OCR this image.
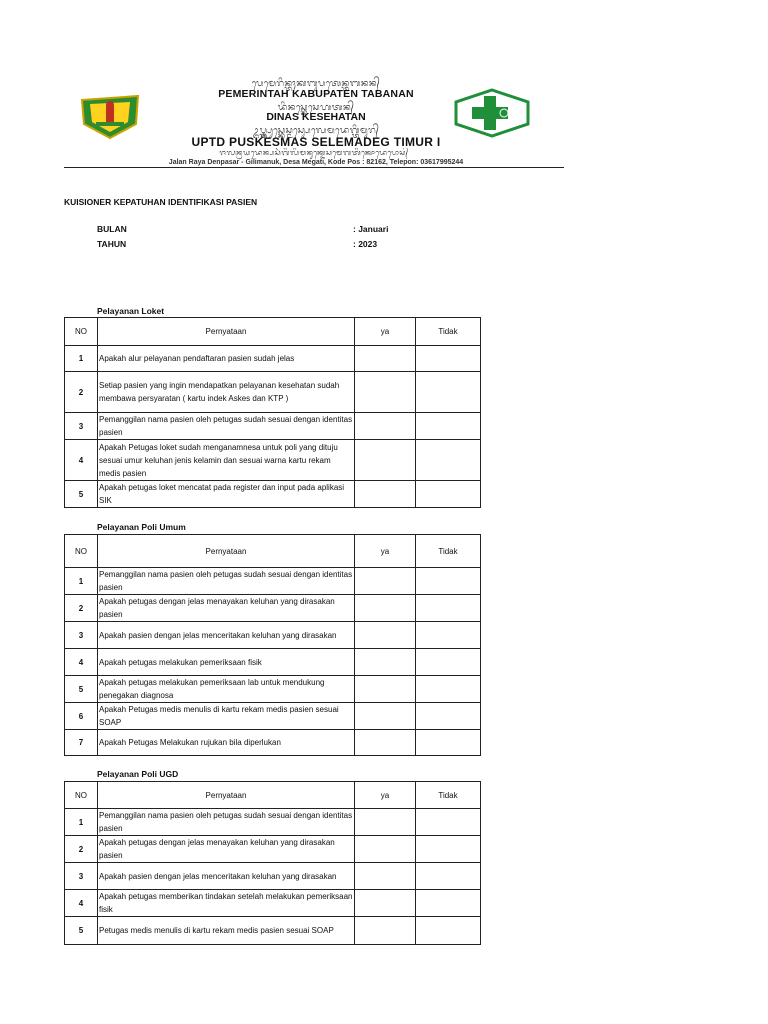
ᬧᬾᬫᬾᬭᬶᬦ᭄ᬢᬄᬓᬩᬸᬧᬢᬾᬦ᭄ᬢᬩᬦᬦ᭄
PEMERINTAH KABUPATEN TABANAN
ᬤᬶᬦᬲ᭄ᬓᬾᬲᬾᬳᬢᬦ᭄
DINAS KESEHATAN
ᬉᬧ᭄ᬢ᭄ᬤ᭄ᬧᬸᬲ᭄ᬓᬾᬲ᭄ᬫᬲ᭄ᬲᬾᬮᬾᬫᬤᬾᬕ᭄ᬢᬶᬫᬸᬭ᭄
UPTD PUSKESMAS SELEMADEG TIMUR I
ᬚᬮᬦ᭄ᬭᬬᬤᬾᬦ᭄ᬧᬲᬃᬕᬶᬮᬶᬫᬦᬸᬓ᭄ᬤᬾᬲᬫᬾᬕᬢᬶᬓᭀᬤᬾᬧᭀᬲ᭄
Jalan Raya Denpasar - Gilimanuk, Desa Megati, Kode Pos : 82162, Telepon: 03617995244
KUISIONER KEPATUHAN IDENTIFIKASI PASIEN
BULAN	: Januari
TAHUN	: 2023
Pelayanan Loket
NO	Pernyataan	ya	Tidak
1	Apakah alur pelayanan pendaftaran pasien sudah jelas		
2	Setiap pasien yang ingin mendapatkan pelayanan kesehatan sudah membawa persyaratan ( kartu indek Askes dan KTP )		
3	Pemanggilan nama pasien oleh petugas sudah sesuai dengan identitas pasien		
4	Apakah Petugas loket sudah menganamnesa untuk poli yang dituju sesuai umur keluhan jenis kelamin dan sesuai warna kartu rekam medis pasien		
5	Apakah petugas loket mencatat pada register dan input pada aplikasi SIK		
Pelayanan Poli Umum
NO	Pernyataan	ya	Tidak
1	Pemanggilan nama pasien oleh petugas sudah sesuai dengan identitas pasien		
2	Apakah petugas dengan jelas menayakan keluhan yang dirasakan pasien		
3	Apakah pasien dengan jelas menceritakan keluhan yang dirasakan		
4	Apakah petugas melakukan pemeriksaan fisik		
5	Apakah petugas melakukan pemeriksaan lab untuk mendukung penegakan diagnosa		
6	Apakah Petugas medis menulis di kartu rekam medis pasien sesuai SOAP		
7	Apakah Petugas Melakukan rujukan bila diperlukan		
Pelayanan Poli UGD
NO	Pernyataan	ya	Tidak
1	Pemanggilan nama pasien oleh petugas sudah sesuai dengan identitas pasien		
2	Apakah petugas dengan jelas menayakan keluhan yang dirasakan pasien		
3	Apakah pasien dengan jelas menceritakan keluhan yang dirasakan		
4	Apakah petugas memberikan tindakan setelah melakukan pemeriksaan fisik		
5	Petugas medis menulis di kartu rekam medis pasien sesuai SOAP		
